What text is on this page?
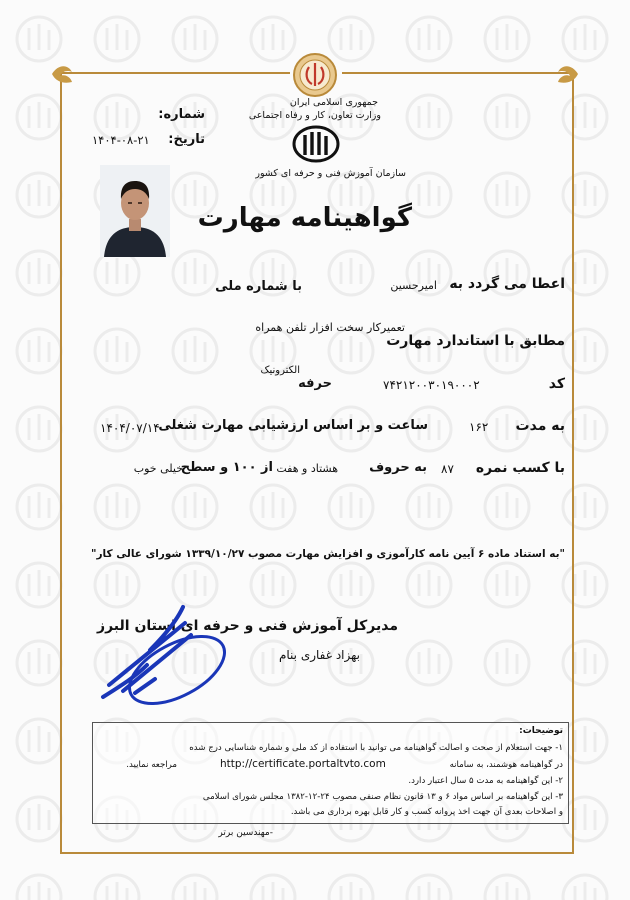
جمهوری اسلامی ایران
وزارت تعاون، کار و رفاه اجتماعی
سازمان آموزش فنی و حرفه ای کشور
شماره:
تاریخ:
۱۴۰۴-۰۸-۲۱
گواهینامه مهارت
اعطا می گردد به
امیرحسین
با شماره ملی
تعمیرکار سخت افزار تلفن همراه
مطابق با استاندارد مهارت
کد
۷۴۲۱۲۰۰۳۰۱۹۰۰۰۲
حرفه
الکترونیک
به مدت
۱۶۲
ساعت و بر اساس ارزشیابی مهارت شغلی
۱۴۰۴/۰۷/۱۴
با کسب نمره
۸۷
به حروف
هشتاد و هفت
از ۱۰۰ و سطح
خیلی خوب
"به استناد ماده ۶ آیین نامه کارآموزی و افزایش مهارت مصوب ۱۳۳۹/۱۰/۲۷ شورای عالی کار"
مدیرکل آموزش فنی و حرفه ای استان البرز
بهزاد غفاری بنام
توضیحات:
۱- جهت استعلام از صحت و اصالت گواهینامه می توانید با استفاده از کد ملی و شماره شناسایی درج شده
در گواهینامه هوشمند، به سامانه
http://certificate.portaltvto.com
مراجعه نمایید.
۲- این گواهینامه به مدت ۵ سال اعتبار دارد.
۳- این گواهینامه بر اساس مواد ۶ و ۱۳ قانون نظام صنفی مصوب ۲۴-۱۲-۱۳۸۲ مجلس شورای اسلامی
و اصلاحات بعدی آن جهت اخذ پروانه کسب و کار قابل بهره برداری می باشد.
-مهندسین برتر
